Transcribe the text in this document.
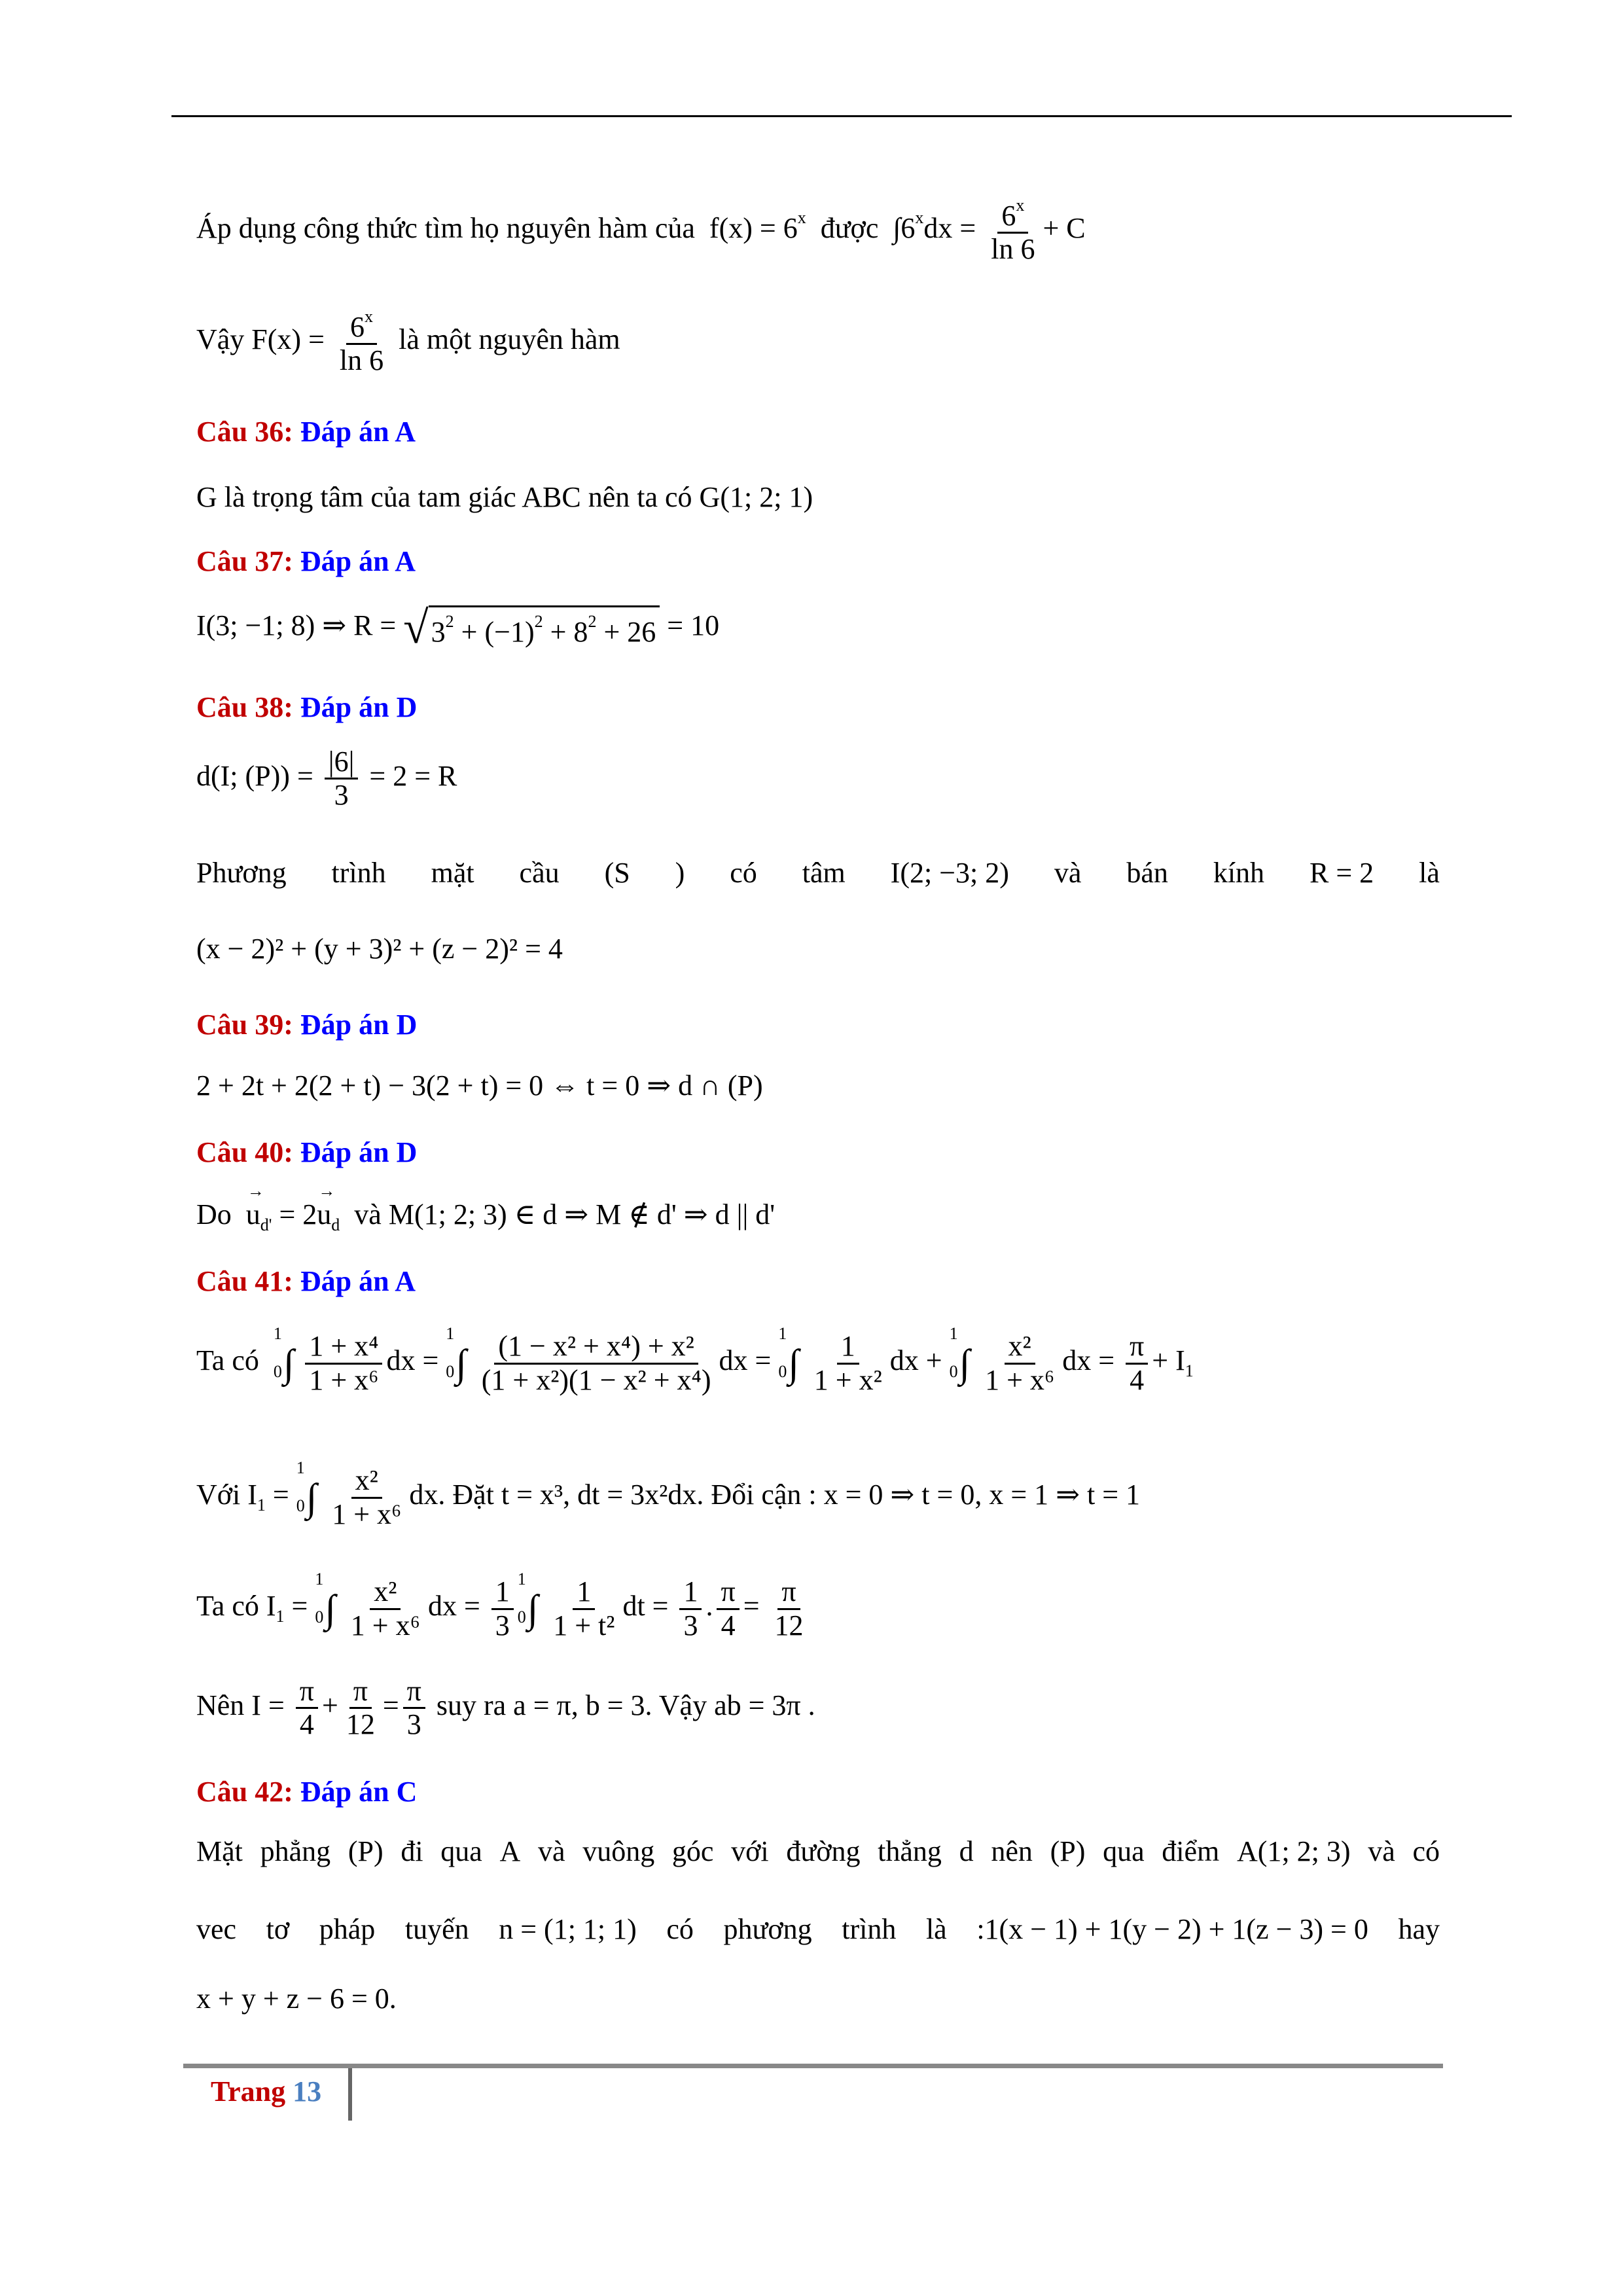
Áp dụng công thức tìm họ nguyên hàm của $f(x) = 6^x$ được $\int 6^xdx = \frac{6^x}{\ln 6} + C$
Vậy $F(x) = \frac{6^x}{\ln 6}$ là một nguyên hàm
Câu 36: Đáp án A
G là trọng tâm của tam giác ABC nên ta có G(1; 2; 1)
Câu 37: Đáp án A
I(3; −1; 8) ⇒ R = √ $3^2 + (-1)^2 + 8^2 + 26 = 10$
Câu 38: Đáp án D
d(I; $(P)) = \frac{|6|}{3} = 2 = R$
Phương trình mặt cầu (S ) có tâm I(2; −3; 2) và bán kính R = 2 là
(x − 2)² + (y + 3)² + (z − 2)² = 4
Câu 39: Đáp án D
2 + 2t + 2(2 + t) − 3(2 + t) = 0 ⇔ t = 0 ⇒ d ∩ (P)
Câu 40: Đáp án D
$Do \to u_{d'} = 2\to u_d$ và M(1; 2; 3) ∈ d ⇒ M ∉ d' ⇒ d || d'
Câu 41: Đáp án A
Ta có
1
0 ∫
$\frac{\text{1 + x⁴}}{\text{1 + x⁶}}$ dx =
1
0 ∫
$\frac{\text{(1 − x² + x⁴) + x²}}{\text{(1 + x²)(1 − x² + x⁴)}}$ dx =
1
0 ∫
$\frac{1}{\text{1 + x²}}$ dx +
1
0 ∫
$\frac{\text{x²}}{\text{1 + x⁶}}$ dx = $\frac{\pi}{4} + I_1$
Với $I_1$ =
1
0 ∫
$\frac{\text{x²}}{\text{1 + x⁶}}$ dx. Đặt t = x³, dt = 3x²dx. Đổi cận : x = 0 ⇒ t = 0, x = 1 ⇒ t = 1
Ta có $I_1$ =
1
0 ∫
$\frac{\text{x²}}{\text{1 + x⁶}}$ dx = $\frac{1}{3} 1$
0 ∫
$\frac{1}{\text{1 + t²}}$ dt = $\frac{1}{3}$ . $\frac{\pi}{4} = \frac{\pi}{12}$
Nên $I = \frac{\pi}{4} + \frac{\pi}{12} = \frac{\pi}{3}$ suy ra a = π, b = 3. Vậy ab = 3π .
Câu 42: Đáp án C
Mặt phẳng (P) đi qua A và vuông góc với đường thẳng d nên (P) qua điểm A(1; 2; 3) và có
vec tơ pháp tuyến n = (1; 1; 1) có phương trình là :1(x − 1) + 1(y − 2) + 1(z − 3) = 0 hay
x + y + z − 6 = 0.
Trang 13
